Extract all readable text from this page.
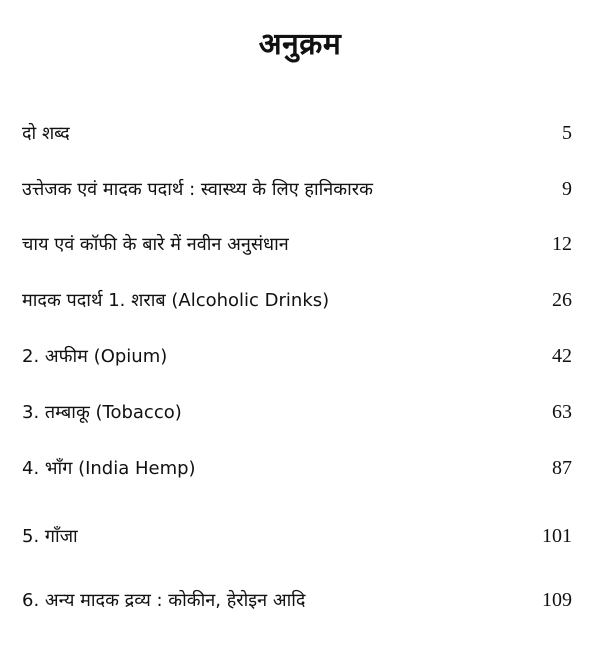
अनुक्रम
दो शब्द	5
उत्तेजक एवं मादक पदार्थ : स्वास्थ्य के लिए हानिकारक	9
चाय एवं कॉफी के बारे में नवीन अनुसंधान	12
मादक पदार्थ 1. शराब (Alcoholic Drinks)	26
2. अफीम (Opium)	42
3. तम्बाकू (Tobacco)	63
4. भाँग (India Hemp)	87
5. गाँजा	101
6. अन्य मादक द्रव्य : कोकीन, हेरोइन आदि	109
